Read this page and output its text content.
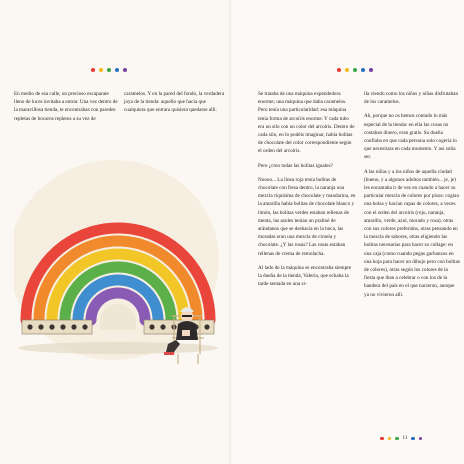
En medio de esa calle, un precioso escaparate lleno de luces invitaba a entrar. Una vez dentro de la maravillosa tienda, te encontrabas con paredes repletas de bocaros repletos a su vez de

caramelos. Y en la pared del fondo, la verdadera joya de la tienda: aquello que hacía que cualquiera que entrara quisiera quedarse allí.

Se trataba de una máquina expendedora enorme; una máquina que daba caramelos. Pero tenía una particularidad: esa máquina tenía forma de arcoíris enorme. Y cada tubo era un silo con un color del arcoíris. Dentro de cada silo, en lo podéis imaginar, había bolitas de chocolate del color correspondiente según el orden del arcoíris.

Pero ¿creo todas las bolitas iguales?

Noooo... La línea roja tenía bolitas de chocolate con fresa dentro, la naranja una mezcla riquísima de chocolate y mandarina, en la amarilla había bolitas de chocolate blanco y limón, las bolitas verdes estaban rellenas de menta, las azules tenían un praliné de arándanos que se deshacía en la boca, las moradas eran una mezcla de ciruela y chocolate. ¿Y las rosas? Las rosas estaban rellenas de crema de remolacha.

Al lado de la máquina se encontraba siempre la dueña de la tienda, Valeria, que echaba la tarde sentada en una si-

lla viendo como los niños y niñas disfrutaban de los caramelos.

Ah, porque no os hemos contado lo más especial de la tienda: en ella las cosas no costaban dinero, eran gratis. Su dueña confiaba en que cada persona solo cogería lo que necesitara en cada momento. Y así solía ser.

A las niñas y a los niños de aquella ciudad (bueno, y a algunos adultos también... je, je) les encantaba ir de vez en cuando a hacer su particular mezcla de colores por pisos: cogían una bolsa y hacían capas de colores, a veces con el orden del arcoíris (rojo, naranja, amarillo, verde, azul, morado y rosa), otras con sus colores preferidos, otras pensando en la mezcla de sabores, otras eligiendo las bolitas necesarias para hacer su collage: en una caja (como cuando pegas garbanzos en una hoja para hacer un dibujo pero con bolitas de colores), otras según los colores de la fiesta que iban a celebrar o con los de la bandera del país en el que nacieron, aunque ya no vivieron allí.

11
